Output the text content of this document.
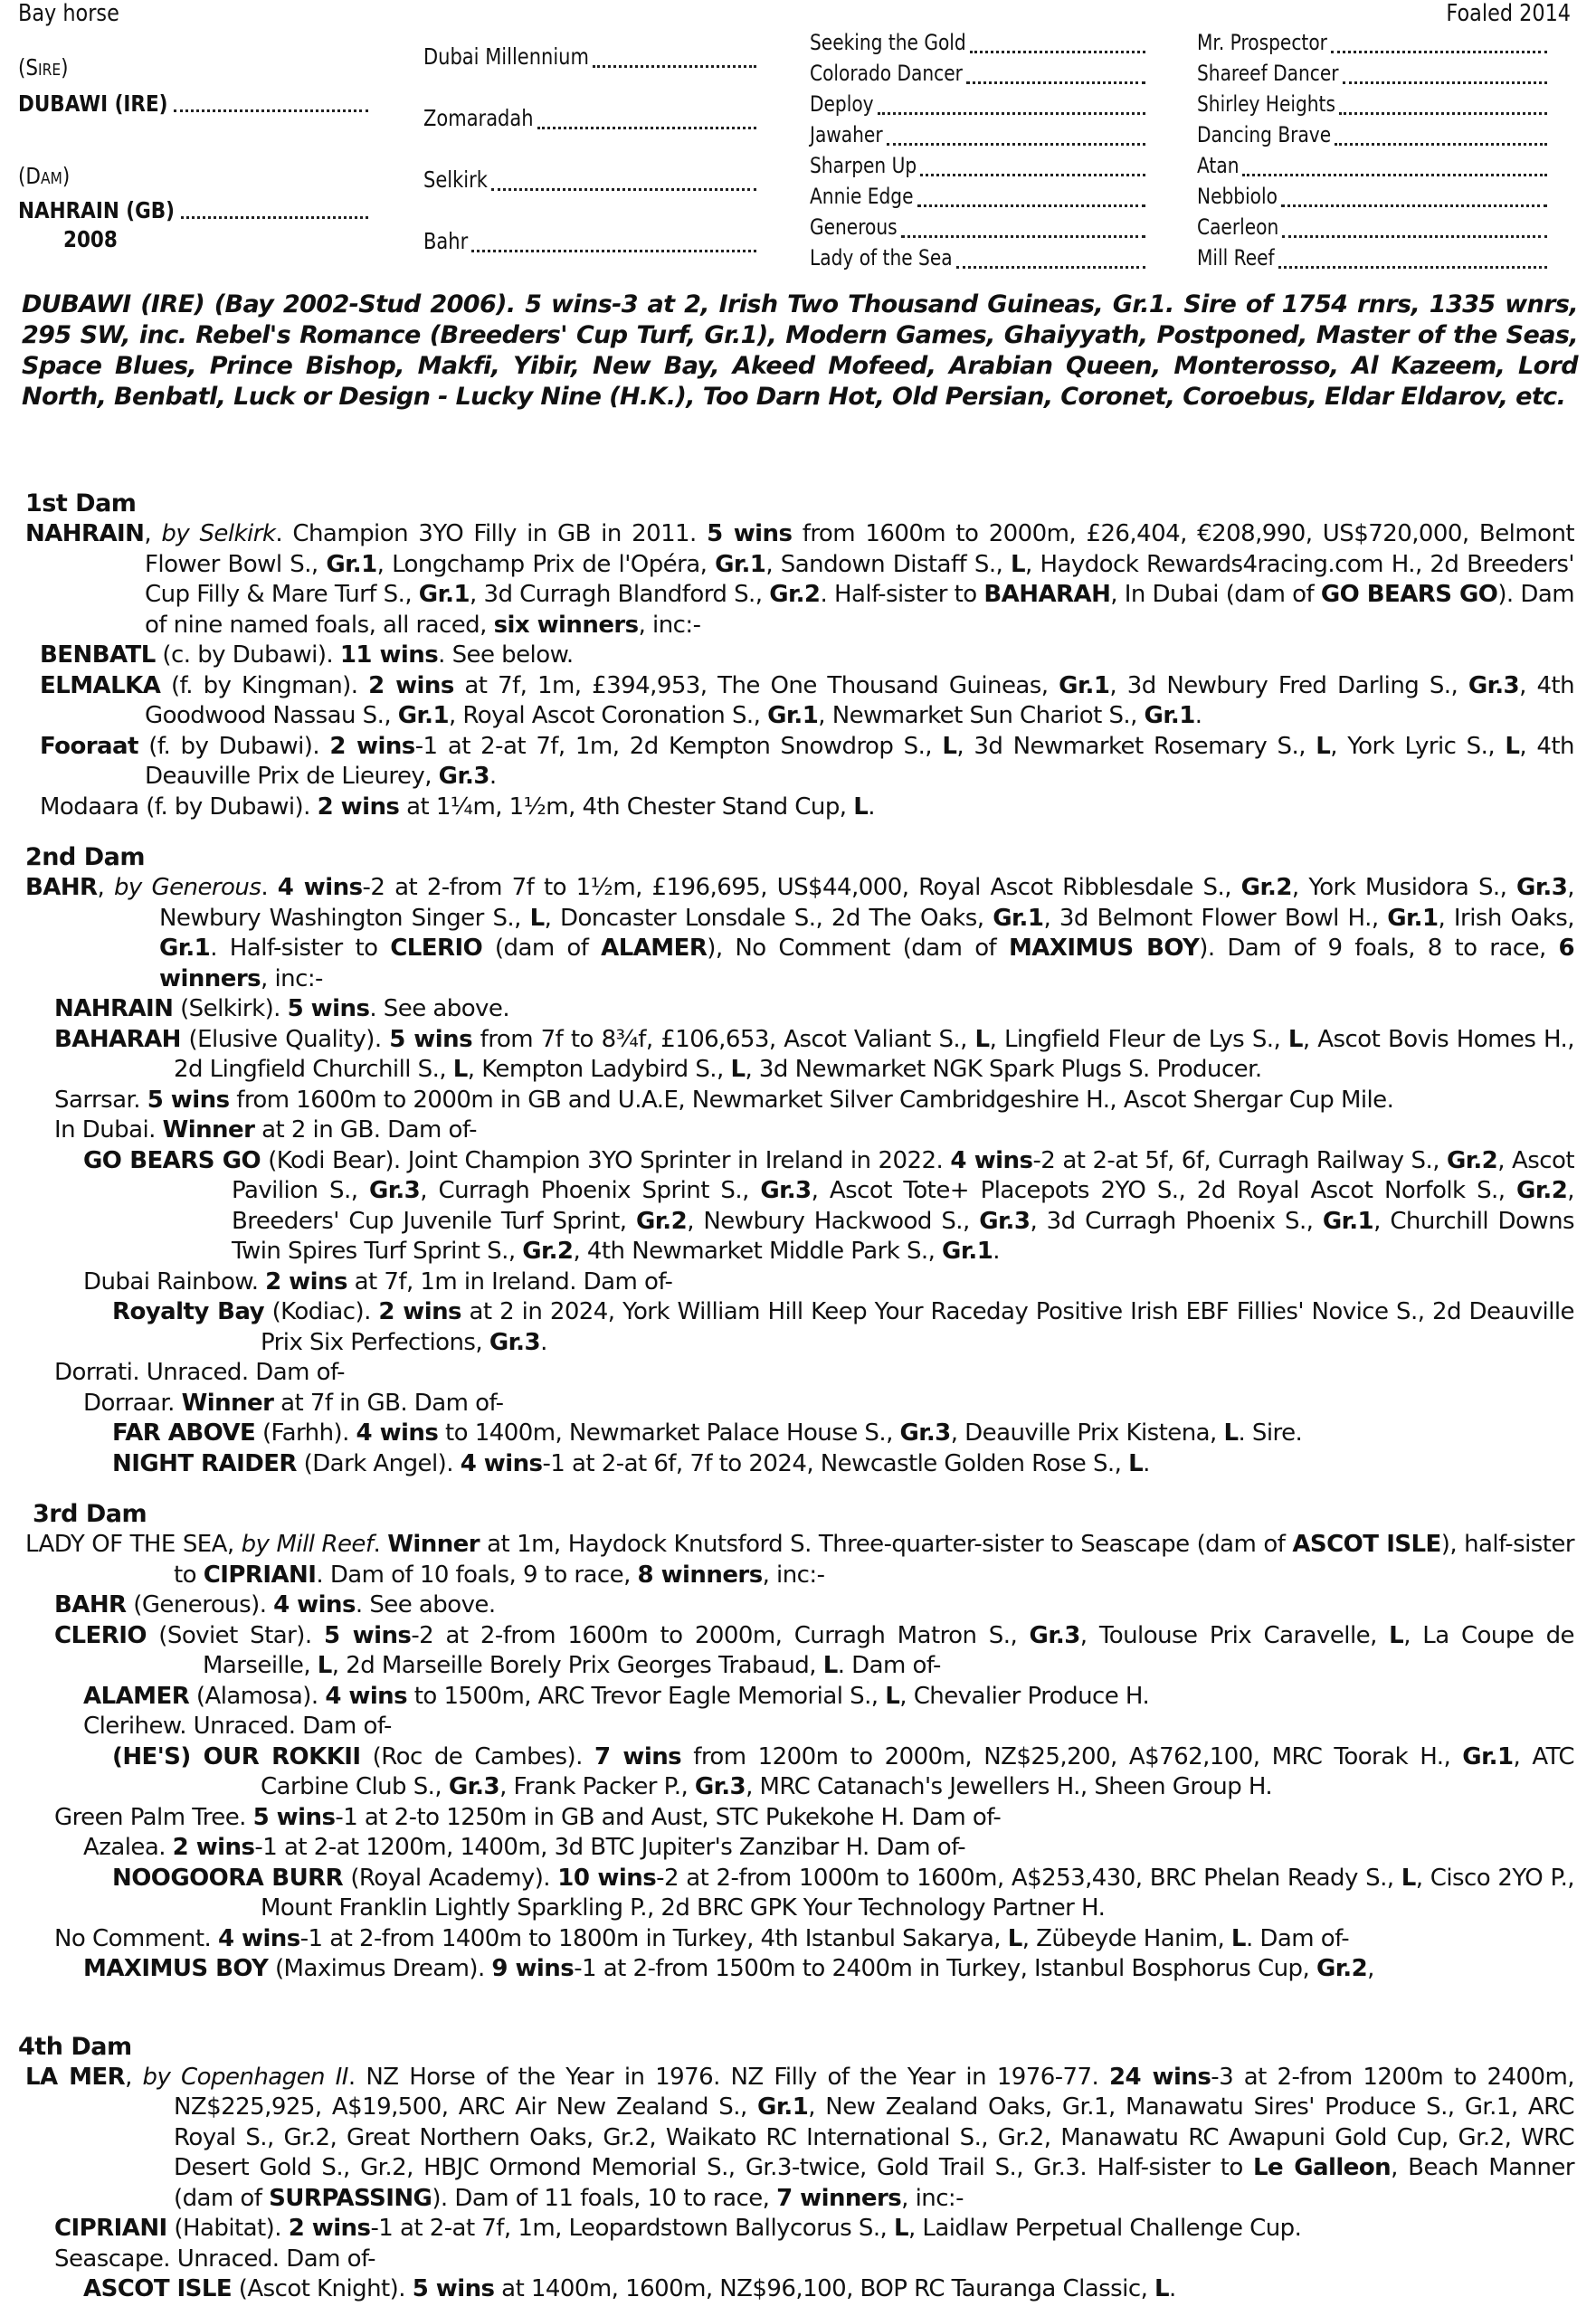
Bay horse	Foaled 2014
(Sire)
DUBAWI (IRE)
(Dam)
NAHRAIN (GB)
2008
Dubai Millennium
Zomaradah
Selkirk
Bahr
Seeking the Gold
Colorado Dancer
Deploy
Jawaher
Sharpen Up
Annie Edge
Generous
Lady of the Sea
Mr. Prospector
Shareef Dancer
Shirley Heights
Dancing Brave
Atan
Nebbiolo
Caerleon
Mill Reef
DUBAWI (IRE) (Bay 2002-Stud 2006). 5 wins-3 at 2, Irish Two Thousand Guineas, Gr.1. Sire of 1754 rnrs, 1335 wnrs, 295 SW, inc. Rebel's Romance (Breeders' Cup Turf, Gr.1), Modern Games, Ghaiyyath, Postponed, Master of the Seas, Space Blues, Prince Bishop, Makfi, Yibir, New Bay, Akeed Mofeed, Arabian Queen, Monterosso, Al Kazeem, Lord North, Benbatl, Luck or Design - Lucky Nine (H.K.), Too Darn Hot, Old Persian, Coronet, Coroebus, Eldar Eldarov, etc.
1st Dam
NAHRAIN, by Selkirk. Champion 3YO Filly in GB in 2011. 5 wins from 1600m to 2000m, £26,404, €208,990, US$720,000, Belmont Flower Bowl S., Gr.1, Longchamp Prix de l'Opéra, Gr.1, Sandown Distaff S., L, Haydock Rewards4racing.com H., 2d Breeders' Cup Filly & Mare Turf S., Gr.1, 3d Curragh Blandford S., Gr.2. Half-sister to BAHARAH, In Dubai (dam of GO BEARS GO). Dam of nine named foals, all raced, six winners, inc:-
BENBATL (c. by Dubawi). 11 wins. See below.
ELMALKA (f. by Kingman). 2 wins at 7f, 1m, £394,953, The One Thousand Guineas, Gr.1, 3d Newbury Fred Darling S., Gr.3, 4th Goodwood Nassau S., Gr.1, Royal Ascot Coronation S., Gr.1, Newmarket Sun Chariot S., Gr.1.
Fooraat (f. by Dubawi). 2 wins-1 at 2-at 7f, 1m, 2d Kempton Snowdrop S., L, 3d Newmarket Rosemary S., L, York Lyric S., L, 4th Deauville Prix de Lieurey, Gr.3.
Modaara (f. by Dubawi). 2 wins at 1¼m, 1½m, 4th Chester Stand Cup, L.
2nd Dam
BAHR, by Generous. 4 wins-2 at 2-from 7f to 1½m, £196,695, US$44,000, Royal Ascot Ribblesdale S., Gr.2, York Musidora S., Gr.3, Newbury Washington Singer S., L, Doncaster Lonsdale S., 2d The Oaks, Gr.1, 3d Belmont Flower Bowl H., Gr.1, Irish Oaks, Gr.1. Half-sister to CLERIO (dam of ALAMER), No Comment (dam of MAXIMUS BOY). Dam of 9 foals, 8 to race, 6 winners, inc:-
NAHRAIN (Selkirk). 5 wins. See above.
BAHARAH (Elusive Quality). 5 wins from 7f to 8¾f, £106,653, Ascot Valiant S., L, Lingfield Fleur de Lys S., L, Ascot Bovis Homes H., 2d Lingfield Churchill S., L, Kempton Ladybird S., L, 3d Newmarket NGK Spark Plugs S. Producer.
Sarrsar. 5 wins from 1600m to 2000m in GB and U.A.E, Newmarket Silver Cambridgeshire H., Ascot Shergar Cup Mile.
In Dubai. Winner at 2 in GB. Dam of-
GO BEARS GO (Kodi Bear). Joint Champion 3YO Sprinter in Ireland in 2022. 4 wins-2 at 2-at 5f, 6f, Curragh Railway S., Gr.2, Ascot Pavilion S., Gr.3, Curragh Phoenix Sprint S., Gr.3, Ascot Tote+ Placepots 2YO S., 2d Royal Ascot Norfolk S., Gr.2, Breeders' Cup Juvenile Turf Sprint, Gr.2, Newbury Hackwood S., Gr.3, 3d Curragh Phoenix S., Gr.1, Churchill Downs Twin Spires Turf Sprint S., Gr.2, 4th Newmarket Middle Park S., Gr.1.
Dubai Rainbow. 2 wins at 7f, 1m in Ireland. Dam of-
Royalty Bay (Kodiac). 2 wins at 2 in 2024, York William Hill Keep Your Raceday Positive Irish EBF Fillies' Novice S., 2d Deauville Prix Six Perfections, Gr.3.
Dorrati. Unraced. Dam of-
Dorraar. Winner at 7f in GB. Dam of-
FAR ABOVE (Farhh). 4 wins to 1400m, Newmarket Palace House S., Gr.3, Deauville Prix Kistena, L. Sire.
NIGHT RAIDER (Dark Angel). 4 wins-1 at 2-at 6f, 7f to 2024, Newcastle Golden Rose S., L.
3rd Dam
LADY OF THE SEA, by Mill Reef. Winner at 1m, Haydock Knutsford S. Three-quarter-sister to Seascape (dam of ASCOT ISLE), half-sister to CIPRIANI. Dam of 10 foals, 9 to race, 8 winners, inc:-
BAHR (Generous). 4 wins. See above.
CLERIO (Soviet Star). 5 wins-2 at 2-from 1600m to 2000m, Curragh Matron S., Gr.3, Toulouse Prix Caravelle, L, La Coupe de Marseille, L, 2d Marseille Borely Prix Georges Trabaud, L. Dam of-
ALAMER (Alamosa). 4 wins to 1500m, ARC Trevor Eagle Memorial S., L, Chevalier Produce H.
Clerihew. Unraced. Dam of-
(HE'S) OUR ROKKII (Roc de Cambes). 7 wins from 1200m to 2000m, NZ$25,200, A$762,100, MRC Toorak H., Gr.1, ATC Carbine Club S., Gr.3, Frank Packer P., Gr.3, MRC Catanach's Jewellers H., Sheen Group H.
Green Palm Tree. 5 wins-1 at 2-to 1250m in GB and Aust, STC Pukekohe H. Dam of-
Azalea. 2 wins-1 at 2-at 1200m, 1400m, 3d BTC Jupiter's Zanzibar H. Dam of-
NOOGOORA BURR (Royal Academy). 10 wins-2 at 2-from 1000m to 1600m, A$253,430, BRC Phelan Ready S., L, Cisco 2YO P., Mount Franklin Lightly Sparkling P., 2d BRC GPK Your Technology Partner H.
No Comment. 4 wins-1 at 2-from 1400m to 1800m in Turkey, 4th Istanbul Sakarya, L, Zübeyde Hanim, L. Dam of-
MAXIMUS BOY (Maximus Dream). 9 wins-1 at 2-from 1500m to 2400m in Turkey, Istanbul Bosphorus Cup, Gr.2,
4th Dam
LA MER, by Copenhagen II. NZ Horse of the Year in 1976. NZ Filly of the Year in 1976-77. 24 wins-3 at 2-from 1200m to 2400m, NZ$225,925, A$19,500, ARC Air New Zealand S., Gr.1, New Zealand Oaks, Gr.1, Manawatu Sires' Produce S., Gr.1, ARC Royal S., Gr.2, Great Northern Oaks, Gr.2, Waikato RC International S., Gr.2, Manawatu RC Awapuni Gold Cup, Gr.2, WRC Desert Gold S., Gr.2, HBJC Ormond Memorial S., Gr.3-twice, Gold Trail S., Gr.3. Half-sister to Le Galleon, Beach Manner (dam of SURPASSING). Dam of 11 foals, 10 to race, 7 winners, inc:-
CIPRIANI (Habitat). 2 wins-1 at 2-at 7f, 1m, Leopardstown Ballycorus S., L, Laidlaw Perpetual Challenge Cup.
Seascape. Unraced. Dam of-
ASCOT ISLE (Ascot Knight). 5 wins at 1400m, 1600m, NZ$96,100, BOP RC Tauranga Classic, L.
